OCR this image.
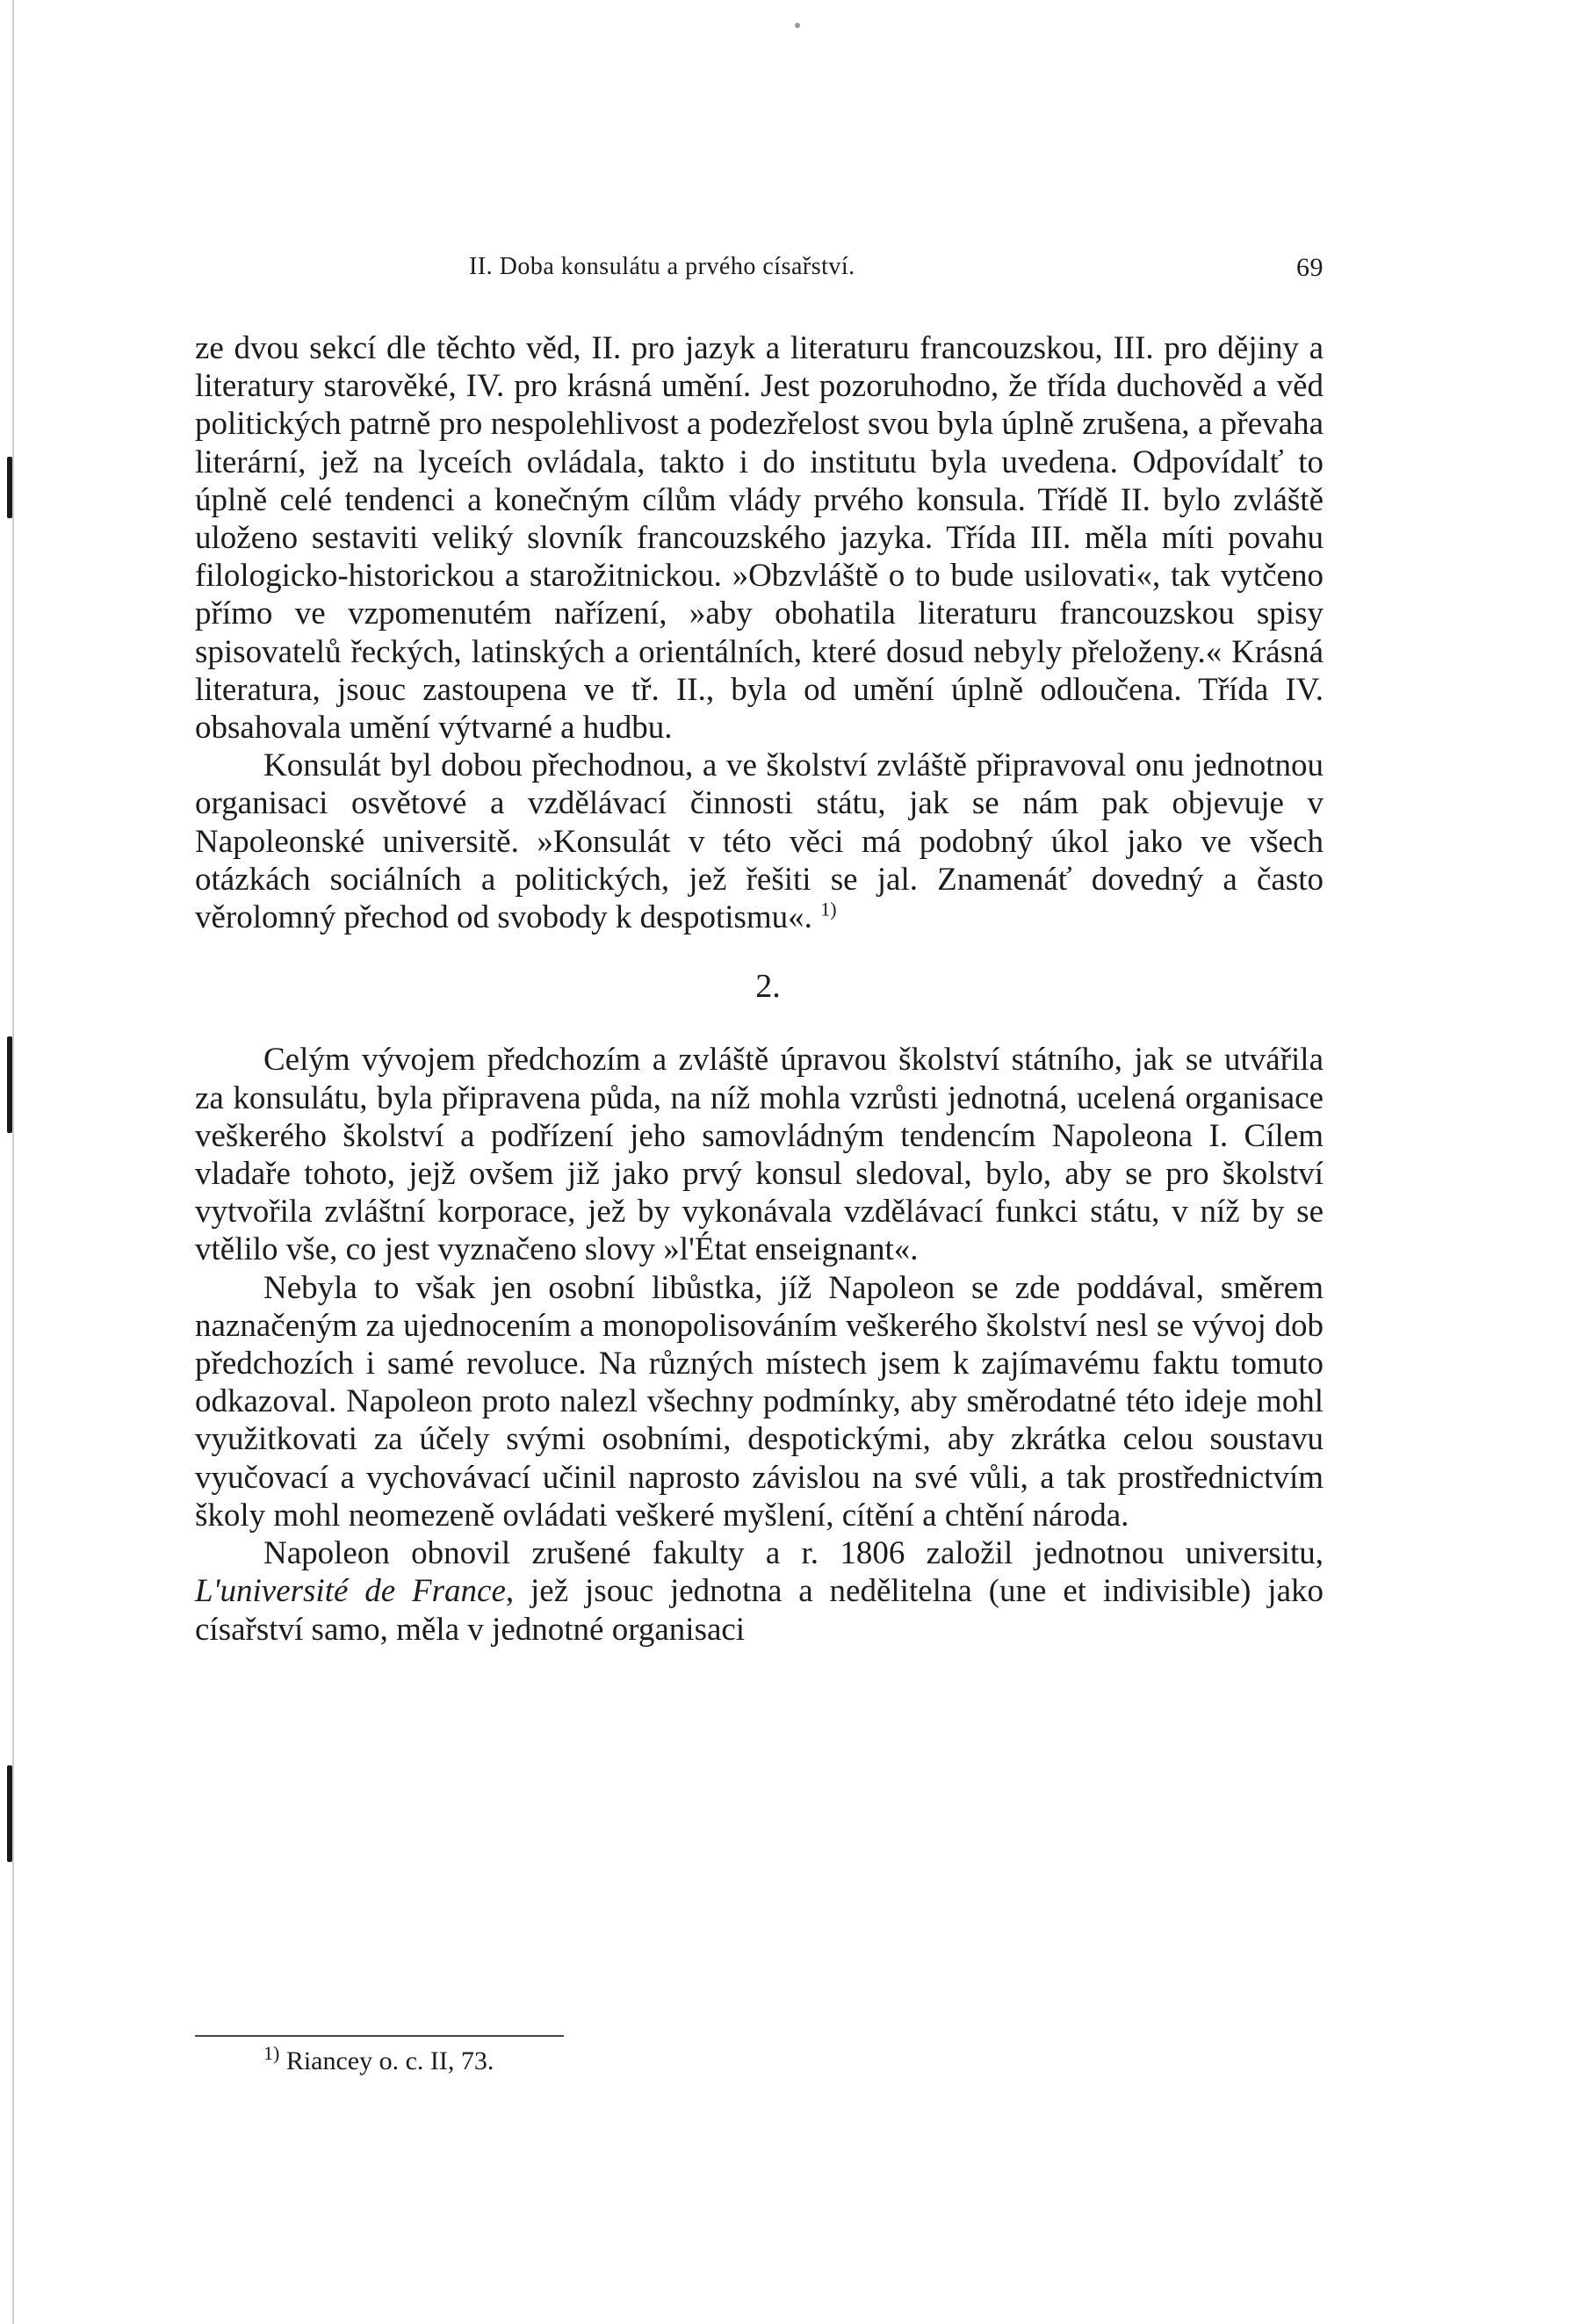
II. Doba konsulátu a prvého císařství.	69

ze dvou sekcí dle těchto věd, II. pro jazyk a literaturu francouzskou, III. pro dějiny a literatury starověké, IV. pro krásná umění. Jest pozoruhodno, že třída duchověd a věd politických patrně pro nespolehlivost a podezřelost svou byla úplně zrušena, a převaha literární, jež na lyceích ovládala, takto i do institutu byla uvedena. Odpovídalť to úplně celé tendenci a konečným cílům vlády prvého konsula. Třídě II. bylo zvláště uloženo sestaviti veliký slovník francouzského jazyka. Třída III. měla míti povahu filologicko-historickou a starožitnickou. »Obzvláště o to bude usilovati«, tak vytčeno přímo ve vzpomenutém nařízení, »aby obohatila literaturu francouzskou spisy spisovatelů řeckých, latinských a orientálních, které dosud nebyly přeloženy.« Krásná literatura, jsouc zastoupena ve tř. II., byla od umění úplně odloučena. Třída IV. obsahovala umění výtvarné a hudbu.

Konsulát byl dobou přechodnou, a ve školství zvláště připravoval onu jednotnou organisaci osvětové a vzdělávací činnosti státu, jak se nám pak objevuje v Napoleonské universitě. »Konsulát v této věci má podobný úkol jako ve všech otázkách sociálních a politických, jež řešiti se jal. Znamenáť dovedný a často věrolomný přechod od svobody k despotismu«. $^{1)}$

2.

Celým vývojem předchozím a zvláště úpravou školství státního, jak se utvářila za konsulátu, byla připravena půda, na níž mohla vzrůsti jednotná, ucelená organisace veškerého školství a podřízení jeho samovládným tendencím Napoleona I. Cílem vladaře tohoto, jejž ovšem již jako prvý konsul sledoval, bylo, aby se pro školství vytvořila zvláštní korporace, jež by vykonávala vzdělávací funkci státu, v níž by se vtělilo vše, co jest vyznačeno slovy »l'État enseignant«.

Nebyla to však jen osobní libůstka, jíž Napoleon se zde poddával, směrem naznačeným za ujednocením a monopolisováním veškerého školství nesl se vývoj dob předchozích i samé revoluce. Na různých místech jsem k zajímavému faktu tomuto odkazoval. Napoleon proto nalezl všechny podmínky, aby směrodatné této ideje mohl využitkovati za účely svými osobními, despotickými, aby zkrátka celou soustavu vyučovací a vychovávací učinil naprosto závislou na své vůli, a tak prostřednictvím školy mohl neomezeně ovládati veškeré myšlení, cítění a chtění národa.

Napoleon obnovil zrušené fakulty a r. 1806 založil jednotnou universitu, L'université de France, jež jsouc jednotna a nedělitelna (une et indivisible) jako císařství samo, měla v jednotné organisaci

$^{1)}$ Riancey o. c. II, 73.
